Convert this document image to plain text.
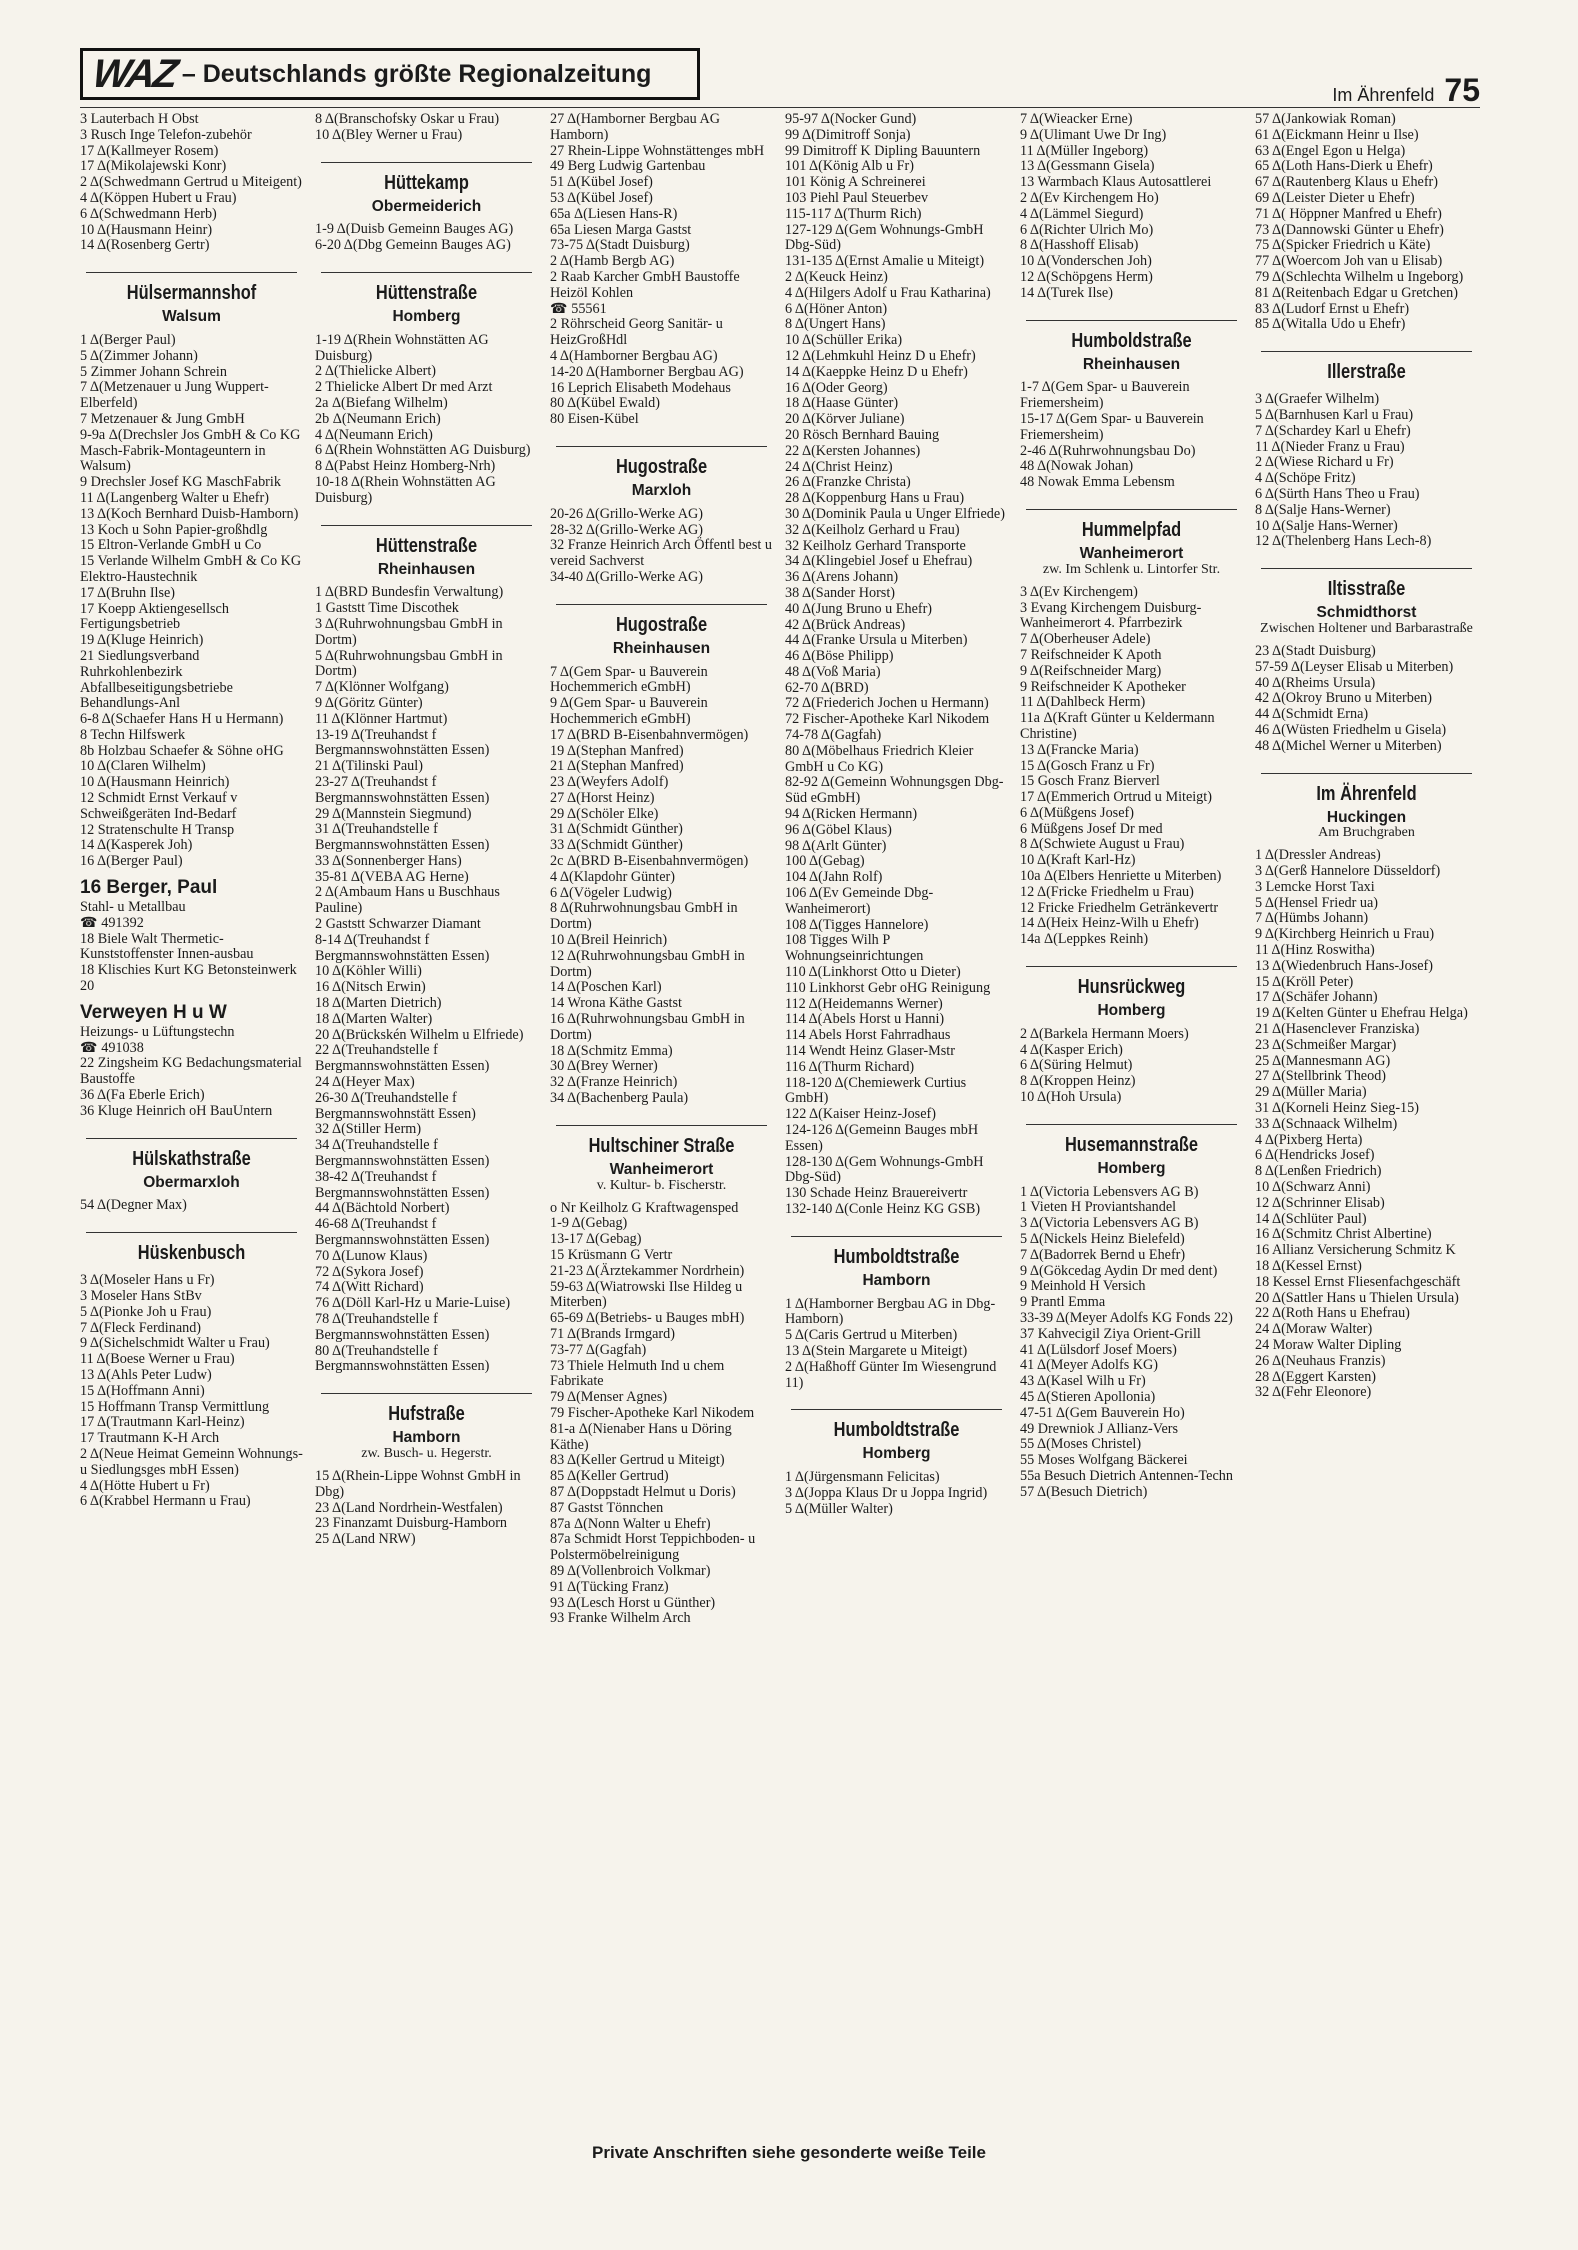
WAZ – Deutschlands größte Regionalzeitung
Im Ährenfeld 75
3 Lauterbach H Obst
3 Rusch Inge Telefon-zubehör
17 Δ(Kallmeyer Rosem)
17 Δ(Mikolajewski Konr)
2 Δ(Schwedmann Gertrud u Miteigent)
4 Δ(Köppen Hubert u Frau)
6 Δ(Schwedmann Herb)
10 Δ(Hausmann Heinr)
14 Δ(Rosenberg Gertr)
Hülsermannshof
Walsum
1 Δ(Berger Paul)
5 Δ(Zimmer Johann)
5 Zimmer Johann Schrein
7 Δ(Metzenauer u Jung Wuppert-Elberfeld)
7 Metzenauer & Jung GmbH
9-9a Δ(Drechsler Jos GmbH & Co KG Masch-Fabrik-Montageuntern in Walsum)
9 Drechsler Josef KG MaschFabrik
11 Δ(Langenberg Walter u Ehefr)
13 Δ(Koch Bernhard Duisb-Hamborn)
13 Koch u Sohn Papier-großhdlg
15 Eltron-Verlande GmbH u Co
15 Verlande Wilhelm GmbH & Co KG Elektro-Haustechnik
17 Δ(Bruhn Ilse)
17 Koepp Aktiengesellsch Fertigungsbetrieb
19 Δ(Kluge Heinrich)
21 Siedlungsverband Ruhrkohlenbezirk Abfallbeseitigungsbetriebe Behandlungs-Anl
6-8 Δ(Schaefer Hans H u Hermann)
8 Techn Hilfswerk
8b Holzbau Schaefer & Söhne oHG
10 Δ(Claren Wilhelm)
10 Δ(Hausmann Heinrich)
12 Schmidt Ernst Verkauf v Schweißgeräten Ind-Bedarf
12 Stratenschulte H Transp
14 Δ(Kasperek Joh)
16 Δ(Berger Paul)
16 Berger, Paul
Stahl- u Metallbau
☎ 491392
18 Biele Walt Thermetic-Kunststoffenster Innen-ausbau
18 Klischies Kurt KG Betonsteinwerk
20
Verweyen H u W
Heizungs- u Lüftungstechn
☎ 491038
22 Zingsheim KG Bedachungsmaterial Baustoffe
36 Δ(Fa Eberle Erich)
36 Kluge Heinrich oH BauUntern
Hülskathstraße
Obermarxloh
54 Δ(Degner Max)
Hüskenbusch
3 Δ(Moseler Hans u Fr)
3 Moseler Hans StBv
5 Δ(Pionke Joh u Frau)
7 Δ(Fleck Ferdinand)
9 Δ(Sichelschmidt Walter u Frau)
11 Δ(Boese Werner u Frau)
13 Δ(Ahls Peter Ludw)
15 Δ(Hoffmann Anni)
15 Hoffmann Transp Vermittlung
17 Δ(Trautmann Karl-Heinz)
17 Trautmann K-H Arch
2 Δ(Neue Heimat Gemeinn Wohnungs- u Siedlungsges mbH Essen)
4 Δ(Hötte Hubert u Fr)
6 Δ(Krabbel Hermann u Frau)
8 Δ(Branschofsky Oskar u Frau)
10 Δ(Bley Werner u Frau)
Hüttekamp
Obermeiderich
1-9 Δ(Duisb Gemeinn Bauges AG)
6-20 Δ(Dbg Gemeinn Bauges AG)
Hüttenstraße
Homberg
1-19 Δ(Rhein Wohnstätten AG Duisburg)
2 Δ(Thielicke Albert)
2 Thielicke Albert Dr med Arzt
2a Δ(Biefang Wilhelm)
2b Δ(Neumann Erich)
4 Δ(Neumann Erich)
6 Δ(Rhein Wohnstätten AG Duisburg)
8 Δ(Pabst Heinz Homberg-Nrh)
10-18 Δ(Rhein Wohnstätten AG Duisburg)
Hüttenstraße
Rheinhausen
1 Δ(BRD Bundesfin Verwaltung)
1 Gaststt Time Discothek
3 Δ(Ruhrwohnungsbau GmbH in Dortm)
5 Δ(Ruhrwohnungsbau GmbH in Dortm)
7 Δ(Klönner Wolfgang)
9 Δ(Göritz Günter)
11 Δ(Klönner Hartmut)
13-19 Δ(Treuhandst f Bergmannswohnstätten Essen)
21 Δ(Tilinski Paul)
23-27 Δ(Treuhandst f Bergmannswohnstätten Essen)
29 Δ(Mannstein Siegmund)
31 Δ(Treuhandstelle f Bergmannswohnstätten Essen)
33 Δ(Sonnenberger Hans)
35-81 Δ(VEBA AG Herne)
2 Δ(Ambaum Hans u Buschhaus Pauline)
2 Gaststt Schwarzer Diamant
8-14 Δ(Treuhandst f Bergmannswohnstätten Essen)
10 Δ(Köhler Willi)
16 Δ(Nitsch Erwin)
18 Δ(Marten Dietrich)
18 Δ(Marten Walter)
20 Δ(Brückskén Wilhelm u Elfriede)
22 Δ(Treuhandstelle f Bergmannswohnstätten Essen)
24 Δ(Heyer Max)
26-30 Δ(Treuhandstelle f Bergmannswohnstätt Essen)
32 Δ(Stiller Herm)
34 Δ(Treuhandstelle f Bergmannswohnstätten Essen)
38-42 Δ(Treuhandst f Bergmannswohnstätten Essen)
44 Δ(Bächtold Norbert)
46-68 Δ(Treuhandst f Bergmannswohnstätten Essen)
70 Δ(Lunow Klaus)
72 Δ(Sykora Josef)
74 Δ(Witt Richard)
76 Δ(Döll Karl-Hz u Marie-Luise)
78 Δ(Treuhandstelle f Bergmannswohnstätten Essen)
80 Δ(Treuhandstelle f Bergmannswohnstätten Essen)
Hufstraße
Hamborn
zw. Busch- u. Hegerstr.
15 Δ(Rhein-Lippe Wohnst GmbH in Dbg)
23 Δ(Land Nordrhein-Westfalen)
23 Finanzamt Duisburg-Hamborn
25 Δ(Land NRW)
27 Δ(Hamborner Bergbau AG Hamborn)
27 Rhein-Lippe Wohnstättenges mbH
49 Berg Ludwig Gartenbau
51 Δ(Kübel Josef)
53 Δ(Kübel Josef)
65a Δ(Liesen Hans-R)
65a Liesen Marga Gastst
73-75 Δ(Stadt Duisburg)
2 Δ(Hamb Bergb AG)
2 Raab Karcher GmbH Baustoffe Heizöl Kohlen
☎ 55561
2 Röhrscheid Georg Sanitär- u HeizGroßHdl
4 Δ(Hamborner Bergbau AG)
14-20 Δ(Hamborner Bergbau AG)
16 Leprich Elisabeth Modehaus
80 Δ(Kübel Ewald)
80 Eisen-Kübel
Hugostraße
Marxloh
20-26 Δ(Grillo-Werke AG)
28-32 Δ(Grillo-Werke AG)
32 Franze Heinrich Arch Öffentl best u vereid Sachverst
34-40 Δ(Grillo-Werke AG)
Hugostraße
Rheinhausen
7 Δ(Gem Spar- u Bauverein Hochemmerich eGmbH)
9 Δ(Gem Spar- u Bauverein Hochemmerich eGmbH)
17 Δ(BRD B-Eisenbahnvermögen)
19 Δ(Stephan Manfred)
21 Δ(Stephan Manfred)
23 Δ(Weyfers Adolf)
27 Δ(Horst Heinz)
29 Δ(Schöler Elke)
31 Δ(Schmidt Günther)
33 Δ(Schmidt Günther)
2c Δ(BRD B-Eisenbahnvermögen)
4 Δ(Klapdohr Günter)
6 Δ(Vögeler Ludwig)
8 Δ(Ruhrwohnungsbau GmbH in Dortm)
10 Δ(Breil Heinrich)
12 Δ(Ruhrwohnungsbau GmbH in Dortm)
14 Δ(Poschen Karl)
14 Wrona Käthe Gastst
16 Δ(Ruhrwohnungsbau GmbH in Dortm)
18 Δ(Schmitz Emma)
30 Δ(Brey Werner)
32 Δ(Franze Heinrich)
34 Δ(Bachenberg Paula)
Hultschiner Straße
Wanheimerort
v. Kultur- b. Fischerstr.
o Nr Keilholz G Kraftwagensped
1-9 Δ(Gebag)
13-17 Δ(Gebag)
15 Krüsmann G Vertr
21-23 Δ(Ärztekammer Nordrhein)
59-63 Δ(Wiatrowski Ilse Hildeg u Miterben)
65-69 Δ(Betriebs- u Bauges mbH)
71 Δ(Brands Irmgard)
73-77 Δ(Gagfah)
73 Thiele Helmuth Ind u chem Fabrikate
79 Δ(Menser Agnes)
79 Fischer-Apotheke Karl Nikodem
81-a Δ(Nienaber Hans u Döring Käthe)
83 Δ(Keller Gertrud u Miteigt)
85 Δ(Keller Gertrud)
87 Δ(Doppstadt Helmut u Doris)
87 Gastst Tönnchen
87a Δ(Nonn Walter u Ehefr)
87a Schmidt Horst Teppichboden- u Polstermöbelreinigung
89 Δ(Vollenbroich Volkmar)
91 Δ(Tücking Franz)
93 Δ(Lesch Horst u Günther)
93 Franke Wilhelm Arch
95-97 Δ(Nocker Gund)
99 Δ(Dimitroff Sonja)
99 Dimitroff K Dipling Bauuntern
101 Δ(König Alb u Fr)
101 König A Schreinerei
103 Piehl Paul Steuerbev
115-117 Δ(Thurm Rich)
127-129 Δ(Gem Wohnungs-GmbH Dbg-Süd)
131-135 Δ(Ernst Amalie u Miteigt)
2 Δ(Keuck Heinz)
4 Δ(Hilgers Adolf u Frau Katharina)
6 Δ(Höner Anton)
8 Δ(Ungert Hans)
10 Δ(Schüller Erika)
12 Δ(Lehmkuhl Heinz D u Ehefr)
14 Δ(Kaeppke Heinz D u Ehefr)
16 Δ(Oder Georg)
18 Δ(Haase Günter)
20 Δ(Körver Juliane)
20 Rösch Bernhard Bauing
22 Δ(Kersten Johannes)
24 Δ(Christ Heinz)
26 Δ(Franzke Christa)
28 Δ(Koppenburg Hans u Frau)
30 Δ(Dominik Paula u Unger Elfriede)
32 Δ(Keilholz Gerhard u Frau)
32 Keilholz Gerhard Transporte
34 Δ(Klingebiel Josef u Ehefrau)
36 Δ(Arens Johann)
38 Δ(Sander Horst)
40 Δ(Jung Bruno u Ehefr)
42 Δ(Brück Andreas)
44 Δ(Franke Ursula u Miterben)
46 Δ(Böse Philipp)
48 Δ(Voß Maria)
62-70 Δ(BRD)
72 Δ(Friederich Jochen u Hermann)
72 Fischer-Apotheke Karl Nikodem
74-78 Δ(Gagfah)
80 Δ(Möbelhaus Friedrich Kleier GmbH u Co KG)
82-92 Δ(Gemeinn Wohnungsgen Dbg-Süd eGmbH)
94 Δ(Ricken Hermann)
96 Δ(Göbel Klaus)
98 Δ(Arlt Günter)
100 Δ(Gebag)
104 Δ(Jahn Rolf)
106 Δ(Ev Gemeinde Dbg-Wanheimerort)
108 Δ(Tigges Hannelore)
108 Tigges Wilh P Wohnungseinrichtungen
110 Δ(Linkhorst Otto u Dieter)
110 Linkhorst Gebr oHG Reinigung
112 Δ(Heidemanns Werner)
114 Δ(Abels Horst u Hanni)
114 Abels Horst Fahrradhaus
114 Wendt Heinz Glaser-Mstr
116 Δ(Thurm Richard)
118-120 Δ(Chemiewerk Curtius GmbH)
122 Δ(Kaiser Heinz-Josef)
124-126 Δ(Gemeinn Bauges mbH Essen)
128-130 Δ(Gem Wohnungs-GmbH Dbg-Süd)
130 Schade Heinz Brauereivertr
132-140 Δ(Conle Heinz KG GSB)
Humboldtstraße
Hamborn
1 Δ(Hamborner Bergbau AG in Dbg-Hamborn)
5 Δ(Caris Gertrud u Miterben)
13 Δ(Stein Margarete u Miteigt)
2 Δ(Haßhoff Günter Im Wiesengrund 11)
Humboldtstraße
Homberg
1 Δ(Jürgensmann Felicitas)
3 Δ(Joppa Klaus Dr u Joppa Ingrid)
5 Δ(Müller Walter)
7 Δ(Wieacker Erne)
9 Δ(Ulimant Uwe Dr Ing)
11 Δ(Müller Ingeborg)
13 Δ(Gessmann Gisela)
13 Warmbach Klaus Autosattlerei
2 Δ(Ev Kirchengem Ho)
4 Δ(Lämmel Siegurd)
6 Δ(Richter Ulrich Mo)
8 Δ(Hasshoff Elisab)
10 Δ(Vonderschen Joh)
12 Δ(Schöpgens Herm)
14 Δ(Turek Ilse)
Humboldstraße
Rheinhausen
1-7 Δ(Gem Spar- u Bauverein Friemersheim)
15-17 Δ(Gem Spar- u Bauverein Friemersheim)
2-46 Δ(Ruhrwohnungsbau Do)
48 Δ(Nowak Johan)
48 Nowak Emma Lebensm
Hummelpfad
Wanheimerort
zw. Im Schlenk u. Lintorfer Str.
3 Δ(Ev Kirchengem)
3 Evang Kirchengem Duisburg-Wanheimerort 4. Pfarrbezirk
7 Δ(Oberheuser Adele)
7 Reifschneider K Apoth
9 Δ(Reifschneider Marg)
9 Reifschneider K Apotheker
11 Δ(Dahlbeck Herm)
11a Δ(Kraft Günter u Keldermann Christine)
13 Δ(Francke Maria)
15 Δ(Gosch Franz u Fr)
15 Gosch Franz Bierverl
17 Δ(Emmerich Ortrud u Miteigt)
6 Δ(Müßgens Josef)
6 Müßgens Josef Dr med
8 Δ(Schwiete August u Frau)
10 Δ(Kraft Karl-Hz)
10a Δ(Elbers Henriette u Miterben)
12 Δ(Fricke Friedhelm u Frau)
12 Fricke Friedhelm Getränkevertr
14 Δ(Heix Heinz-Wilh u Ehefr)
14a Δ(Leppkes Reinh)
Hunsrückweg
Homberg
2 Δ(Barkela Hermann Moers)
4 Δ(Kasper Erich)
6 Δ(Süring Helmut)
8 Δ(Kroppen Heinz)
10 Δ(Hoh Ursula)
Husemannstraße
Homberg
1 Δ(Victoria Lebensvers AG B)
1 Vieten H Proviantshandel
3 Δ(Victoria Lebensvers AG B)
5 Δ(Nickels Heinz Bielefeld)
7 Δ(Badorrek Bernd u Ehefr)
9 Δ(Gökcedag Aydin Dr med dent)
9 Meinhold H Versich
9 Prantl Emma
33-39 Δ(Meyer Adolfs KG Fonds 22)
37 Kahvecigil Ziya Orient-Grill
41 Δ(Lülsdorf Josef Moers)
41 Δ(Meyer Adolfs KG)
43 Δ(Kasel Wilh u Fr)
45 Δ(Stieren Apollonia)
47-51 Δ(Gem Bauverein Ho)
49 Drewniok J Allianz-Vers
55 Δ(Moses Christel)
55 Moses Wolfgang Bäckerei
55a Besuch Dietrich Antennen-Techn
57 Δ(Besuch Dietrich)
57 Δ(Jankowiak Roman)
61 Δ(Eickmann Heinr u Ilse)
63 Δ(Engel Egon u Helga)
65 Δ(Loth Hans-Dierk u Ehefr)
67 Δ(Rautenberg Klaus u Ehefr)
69 Δ(Leister Dieter u Ehefr)
71 Δ( Höppner Manfred u Ehefr)
73 Δ(Dannowski Günter u Ehefr)
75 Δ(Spicker Friedrich u Käte)
77 Δ(Woercom Joh van u Elisab)
79 Δ(Schlechta Wilhelm u Ingeborg)
81 Δ(Reitenbach Edgar u Gretchen)
83 Δ(Ludorf Ernst u Ehefr)
85 Δ(Witalla Udo u Ehefr)
Illerstraße
3 Δ(Graefer Wilhelm)
5 Δ(Barnhusen Karl u Frau)
7 Δ(Schardey Karl u Ehefr)
11 Δ(Nieder Franz u Frau)
2 Δ(Wiese Richard u Fr)
4 Δ(Schöpe Fritz)
6 Δ(Sürth Hans Theo u Frau)
8 Δ(Salje Hans-Werner)
10 Δ(Salje Hans-Werner)
12 Δ(Thelenberg Hans Lech-8)
Iltisstraße
Schmidthorst
Zwischen Holtener und Barbarastraße
23 Δ(Stadt Duisburg)
57-59 Δ(Leyser Elisab u Miterben)
40 Δ(Rheims Ursula)
42 Δ(Okroy Bruno u Miterben)
44 Δ(Schmidt Erna)
46 Δ(Wüsten Friedhelm u Gisela)
48 Δ(Michel Werner u Miterben)
Im Ährenfeld
Huckingen
Am Bruchgraben
1 Δ(Dressler Andreas)
3 Δ(Gerß Hannelore Düsseldorf)
3 Lemcke Horst Taxi
5 Δ(Hensel Friedr ua)
7 Δ(Hümbs Johann)
9 Δ(Kirchberg Heinrich u Frau)
11 Δ(Hinz Roswitha)
13 Δ(Wiedenbruch Hans-Josef)
15 Δ(Kröll Peter)
17 Δ(Schäfer Johann)
19 Δ(Kelten Günter u Ehefrau Helga)
21 Δ(Hasenclever Franziska)
23 Δ(Schmeißer Margar)
25 Δ(Mannesmann AG)
27 Δ(Stellbrink Theod)
29 Δ(Müller Maria)
31 Δ(Korneli Heinz Sieg-15)
33 Δ(Schnaack Wilhelm)
4 Δ(Pixberg Herta)
6 Δ(Hendricks Josef)
8 Δ(Lenßen Friedrich)
10 Δ(Schwarz Anni)
12 Δ(Schrinner Elisab)
14 Δ(Schlüter Paul)
16 Δ(Schmitz Christ Albertine)
16 Allianz Versicherung Schmitz K
18 Δ(Kessel Ernst)
18 Kessel Ernst Fliesenfachgeschäft
20 Δ(Sattler Hans u Thielen Ursula)
22 Δ(Roth Hans u Ehefrau)
24 Δ(Moraw Walter)
24 Moraw Walter Dipling
26 Δ(Neuhaus Franzis)
28 Δ(Eggert Karsten)
32 Δ(Fehr Eleonore)
Private Anschriften siehe gesonderte weiße Teile
